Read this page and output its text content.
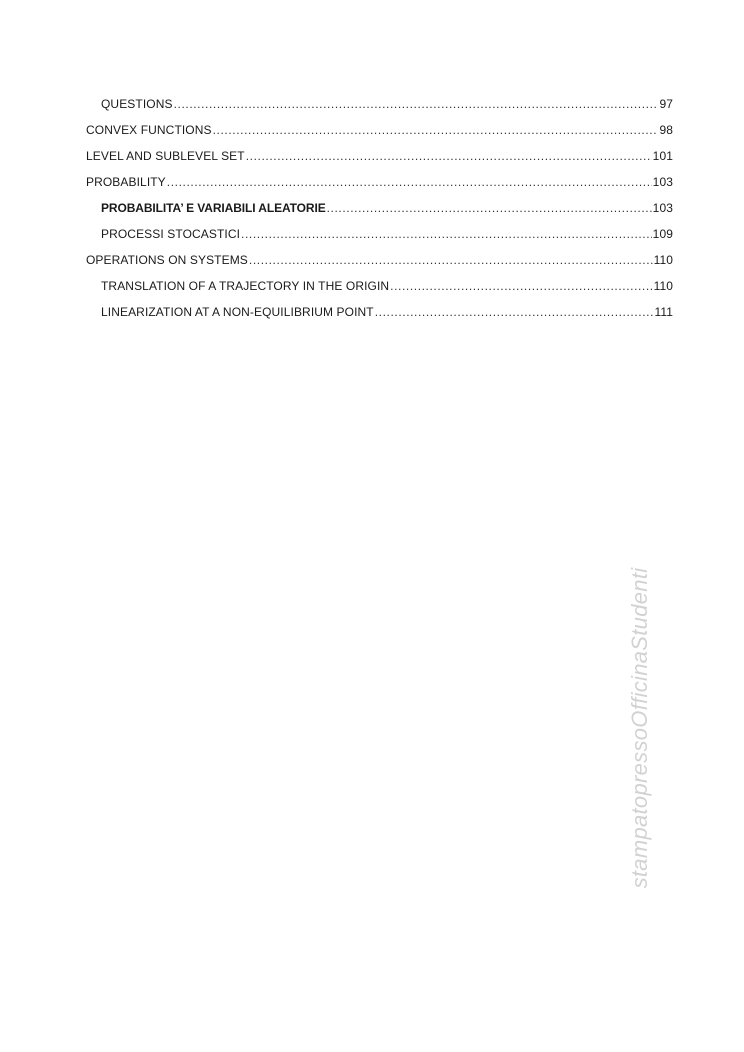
QUESTIONS .....	97
CONVEX FUNCTIONS .....	98
LEVEL AND SUBLEVEL SET .....	101
PROBABILITY .....	103
PROBABILITA’ E VARIABILI ALEATORIE .....	103
PROCESSI STOCASTICI .....	109
OPERATIONS ON SYSTEMS .....	110
TRANSLATION OF A TRAJECTORY IN THE ORIGIN .....	110
LINEARIZATION AT A NON-EQUILIBRIUM POINT .....	111
stampatopressoOfficinaStudenti
